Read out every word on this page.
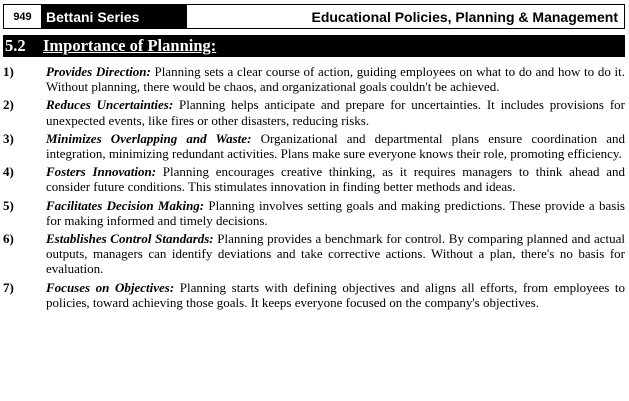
949	Bettani Series	Educational Policies, Planning & Management
5.2	Importance of Planning:
1)	Provides Direction: Planning sets a clear course of action, guiding employees on what to do and how to do it. Without planning, there would be chaos, and organizational goals couldn't be achieved.

2)	Reduces Uncertainties: Planning helps anticipate and prepare for uncertainties. It includes provisions for unexpected events, like fires or other disasters, reducing risks.

3)	Minimizes Overlapping and Waste: Organizational and departmental plans ensure coordination and integration, minimizing redundant activities. Plans make sure everyone knows their role, promoting efficiency.

4)	Fosters Innovation: Planning encourages creative thinking, as it requires managers to think ahead and consider future conditions. This stimulates innovation in finding better methods and ideas.

5)	Facilitates Decision Making: Planning involves setting goals and making predictions. These provide a basis for making informed and timely decisions.

6)	Establishes Control Standards: Planning provides a benchmark for control. By comparing planned and actual outputs, managers can identify deviations and take corrective actions. Without a plan, there's no basis for evaluation.

7)	Focuses on Objectives: Planning starts with defining objectives and aligns all efforts, from employees to policies, toward achieving those goals. It keeps everyone focused on the company's objectives.
